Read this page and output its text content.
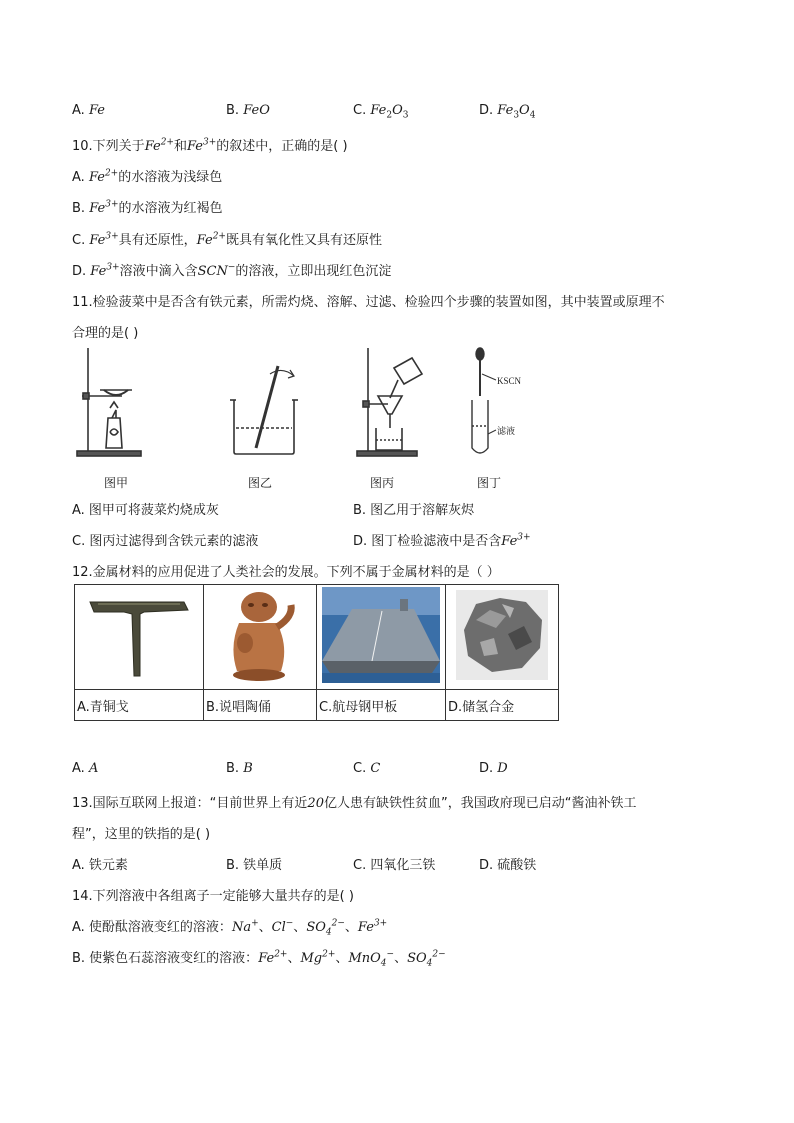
A. Fe	B. FeO	C. $Fe_2O_3$	D. $Fe_3O_4$
10.下列关于$Fe^{2+}$和$Fe^{3+}$的叙述中，正确的是( )
A. $Fe^{2+}$的水溶液为浅绿色
B. $Fe^{3+}$的水溶液为红褐色
C. $Fe^{3+}$具有还原性，$Fe^{2+}$既具有氧化性又具有还原性
D. $Fe^{3+}$溶液中滴入含SCN−的溶液，立即出现红色沉淀
11.检验菠菜中是否含有铁元素，所需灼烧、溶解、过滤、检验四个步骤的装置如图，其中装置或原理不
合理的是( )
图甲	图乙	图丙
KSCN
滤液
图丁
A. 图甲可将菠菜灼烧成灰	B. 图乙用于溶解灰烬
C. 图丙过滤得到含铁元素的滤液	D. 图丁检验滤液中是否含$Fe^{3+}$
12.金属材料的应用促进了人类社会的发展。下列不属于金属材料的是（ ）

A.青铜戈	B.说唱陶俑	C.航母钢甲板	D.储氢合金
A. A	B. B	C. C	D. D
13.国际互联网上报道：“目前世界上有近20亿人患有缺铁性贫血”，我国政府现已启动“酱油补铁工
程”，这里的铁指的是( )
A. 铁元素	B. 铁单质	C. 四氧化三铁	D. 硫酸铁
14.下列溶液中各组离子一定能够大量共存的是( )
A. 使酚酞溶液变红的溶液：Na+、Cl−、$SO_4^{2-}$、$Fe^{3+}$
B. 使紫色石蕊溶液变红的溶液：$Fe^{2+}$、$Mg^{2+}$、MnO$_4$−、$SO_4^{2-}$
